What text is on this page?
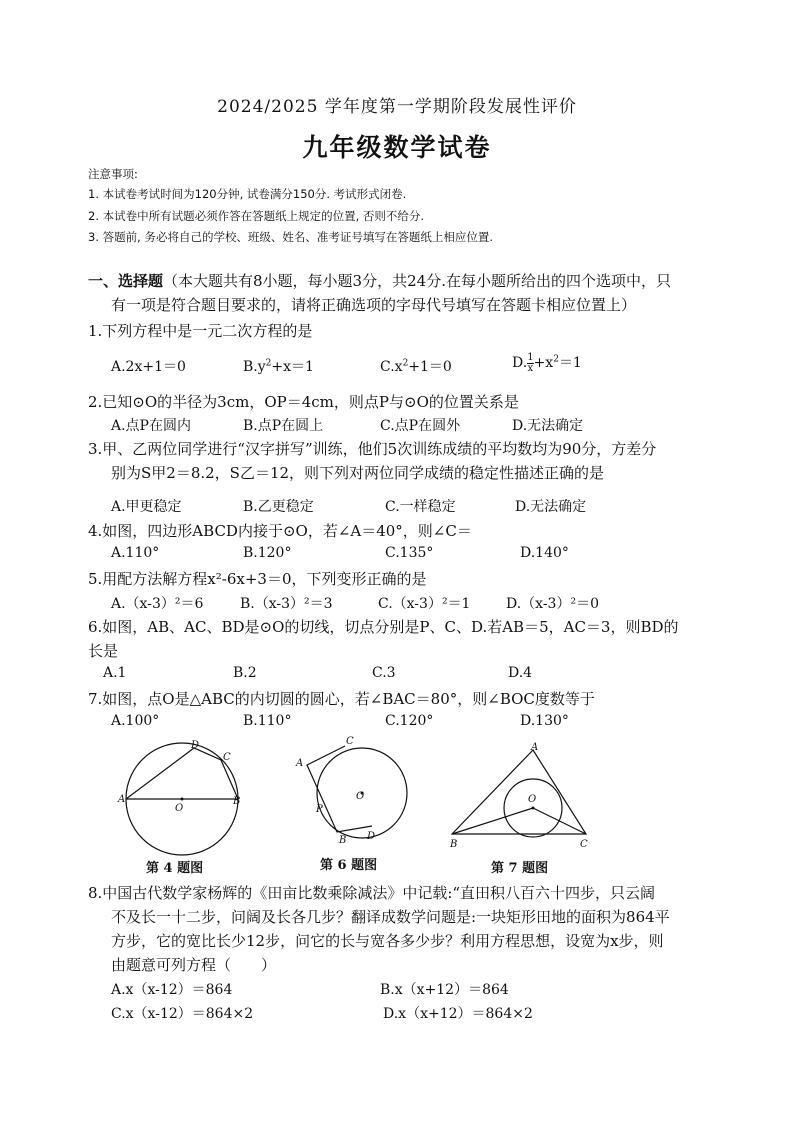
2024/2025 学年度第一学期阶段发展性评价
九年级数学试卷
注意事项:
1. 本试卷考试时间为120分钟, 试卷满分150分. 考试形式闭卷.
2. 本试卷中所有试题必须作答在答题纸上规定的位置, 否则不给分.
3. 答题前, 务必将自己的学校、班级、姓名、准考证号填写在答题纸上相应位置.
一、选择题（本大题共有8小题，每小题3分，共24分.在每小题所给出的四个选项中，只
有一项是符合题目要求的，请将正确选项的字母代号填写在答题卡相应位置上）
1.下列方程中是一元二次方程的是
A.2x+1＝0	$B.y^2+x=1$	$C.x^2+1=0$	D. $\frac{1}{x} +x^2=1$
2.已知⊙O的半径为3cm，OP＝4cm，则点P与⊙O的位置关系是
A.点P在圆内	B.点P在圆上	C.点P在圆外	D.无法确定
3.甲、乙两位同学进行“汉字拼写”训练，他们5次训练成绩的平均数均为90分，方差分
别为S甲2＝8.2，S乙＝12，则下列对两位同学成绩的稳定性描述正确的是
A.甲更稳定	B.乙更稳定	C.一样稳定	D.无法确定
4.如图，四边形ABCD内接于⊙O，若∠A＝40°，则∠C＝
A.110°	B.120°	C.135°	D.140°
5.用配方法解方程x²-6x+3＝0，下列变形正确的是
A.（x-3）²＝6	B.（x-3）²＝3	C.（x-3）²＝1	D.（x-3）²＝0
6.如图，AB、AC、BD是⊙O的切线，切点分别是P、C、D.若AB＝5，AC＝3，则BD的
长是
A.1	B.2	C.3	D.4
7.如图，点O是△ABC的内切圆的圆心，若∠BAC＝80°，则∠BOC度数等于
A.100°	B.110°	C.120°	D.130°
A
D
C
B
O
第 4 题图
C
A
P
B D
O
第 6 题图
A
O
B	C
第 7 题图
8.中国古代数学家杨辉的《田亩比数乘除减法》中记载:“直田积八百六十四步，只云阔
不及长一十二步，问阔及长各几步？翻译成数学问题是:一块矩形田地的面积为864平
方步，它的宽比长少12步，问它的长与宽各多少步？利用方程思想，设宽为x步，则
由题意可列方程（　　）
A.x（x-12）＝864	B.x（x+12）＝864
C.x（x-12）＝864×2	D.x（x+12）＝864×2
